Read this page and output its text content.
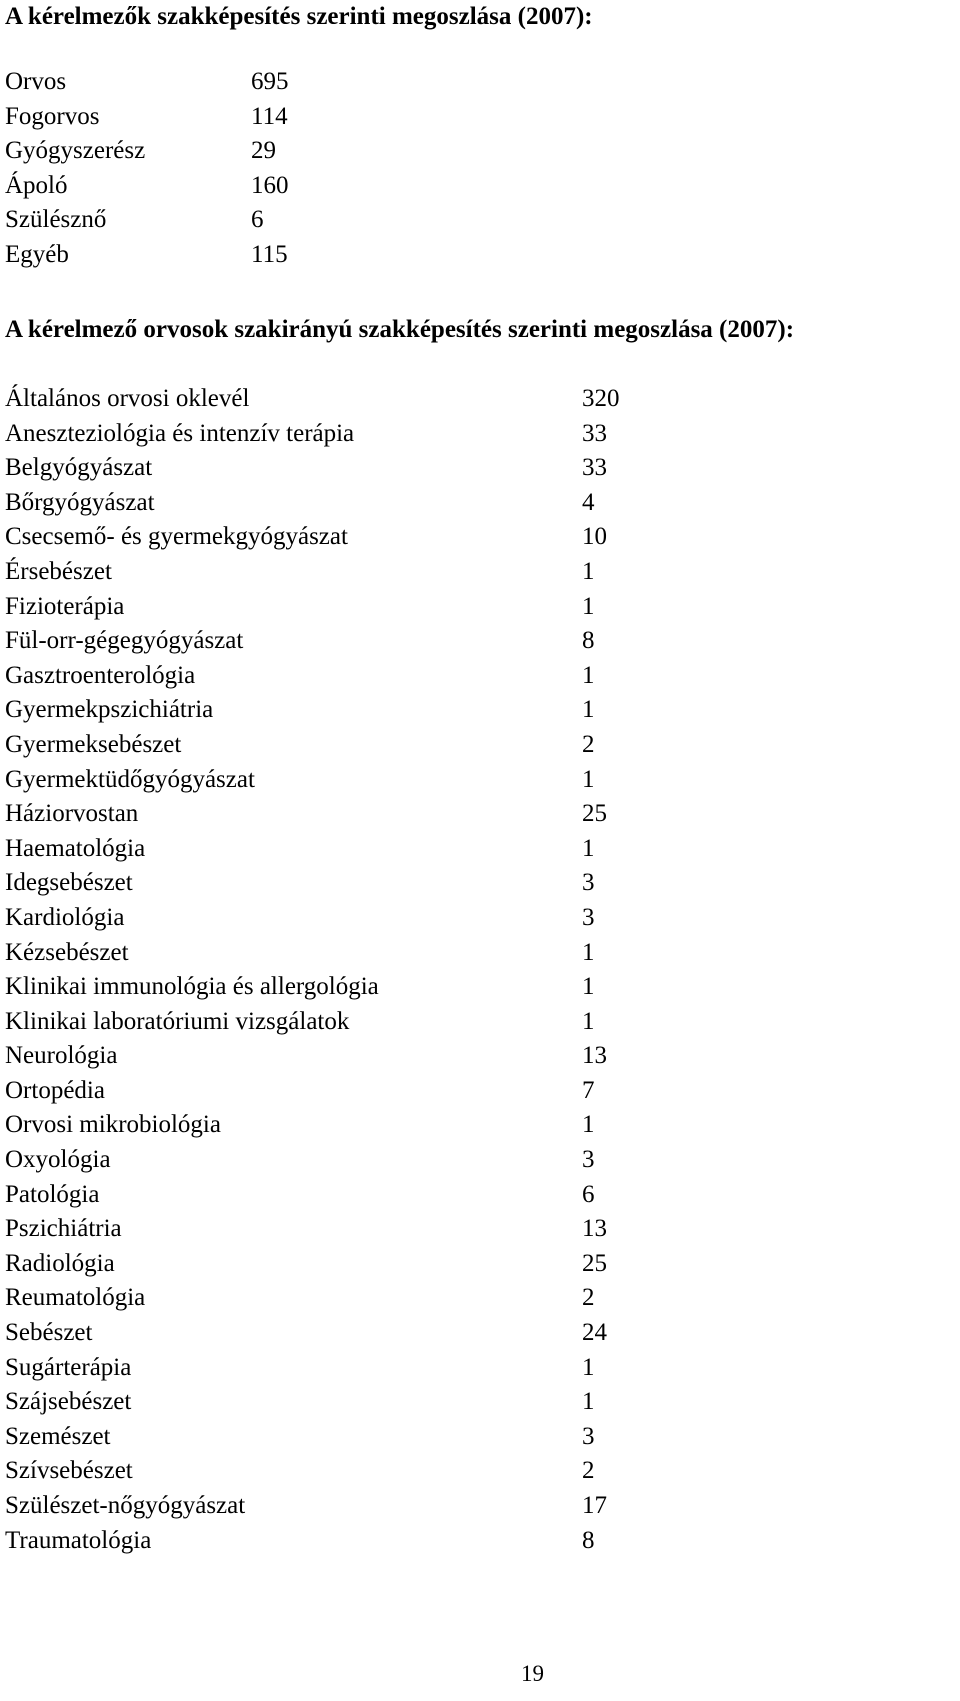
A kérelmezők szakképesítés szerinti megoszlása (2007):
Orvos	695
Fogorvos	114
Gyógyszerész	29
Ápoló	160
Szülésznő	6
Egyéb	115
A kérelmező orvosok szakirányú szakképesítés szerinti megoszlása (2007):
Általános orvosi oklevél	320
Aneszteziológia és intenzív terápia	33
Belgyógyászat	33
Bőrgyógyászat	4
Csecsemő- és gyermekgyógyászat	10
Érsebészet	1
Fizioterápia	1
Fül-orr-gégegyógyászat	8
Gasztroenterológia	1
Gyermekpszichiátria	1
Gyermeksebészet	2
Gyermektüdőgyógyászat	1
Háziorvostan	25
Haematológia	1
Idegsebészet	3
Kardiológia	3
Kézsebészet	1
Klinikai immunológia és allergológia	1
Klinikai laboratóriumi vizsgálatok	1
Neurológia	13
Ortopédia	7
Orvosi mikrobiológia	1
Oxyológia	3
Patológia	6
Pszichiátria	13
Radiológia	25
Reumatológia	2
Sebészet	24
Sugárterápia	1
Szájsebészet	1
Szemészet	3
Szívsebészet	2
Szülészet-nőgyógyászat	17
Traumatológia	8
19
